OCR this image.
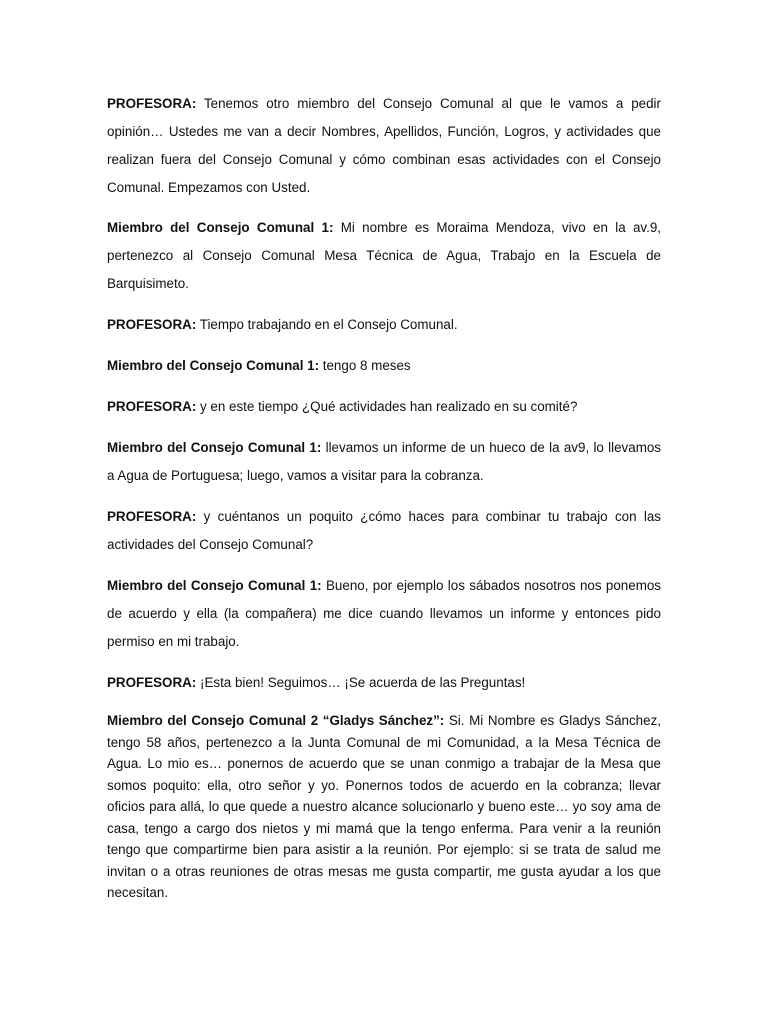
PROFESORA: Tenemos otro miembro del Consejo Comunal al que le vamos a pedir opinión… Ustedes me van a decir Nombres, Apellidos, Función, Logros, y actividades que realizan fuera del Consejo Comunal y cómo combinan esas actividades con el Consejo Comunal. Empezamos con Usted.

Miembro del Consejo Comunal 1: Mi nombre es Moraima Mendoza, vivo en la av.9, pertenezco al Consejo Comunal Mesa Técnica de Agua, Trabajo en la Escuela de Barquisimeto.

PROFESORA: Tiempo trabajando en el Consejo Comunal.

Miembro del Consejo Comunal 1: tengo 8 meses

PROFESORA: y en este tiempo ¿Qué actividades han realizado en su comité?

Miembro del Consejo Comunal 1: llevamos un informe de un hueco de la av9, lo llevamos a Agua de Portuguesa; luego, vamos a visitar para la cobranza.

PROFESORA: y cuéntanos un poquito ¿cómo haces para combinar tu trabajo con las actividades del Consejo Comunal?

Miembro del Consejo Comunal 1: Bueno, por ejemplo los sábados nosotros nos ponemos de acuerdo y ella (la compañera) me dice cuando llevamos un informe y entonces pido permiso en mi trabajo.

PROFESORA: ¡Esta bien! Seguimos… ¡Se acuerda de las Preguntas!

Miembro del Consejo Comunal 2 “Gladys Sánchez”: Si. Mi Nombre es Gladys Sánchez, tengo 58 años, pertenezco a la Junta Comunal de mi Comunidad, a la Mesa Técnica de Agua. Lo mio es… ponernos de acuerdo que se unan conmigo a trabajar de la Mesa que somos poquito: ella, otro señor y yo. Ponernos todos de acuerdo en la cobranza; llevar oficios para allá, lo que quede a nuestro alcance solucionarlo y bueno este… yo soy ama de casa, tengo a cargo dos nietos y mi mamá que la tengo enferma. Para venir a la reunión tengo que compartirme bien para asistir a la reunión. Por ejemplo: si se trata de salud me invitan o a otras reuniones de otras mesas me gusta compartir, me gusta ayudar a los que necesitan.
